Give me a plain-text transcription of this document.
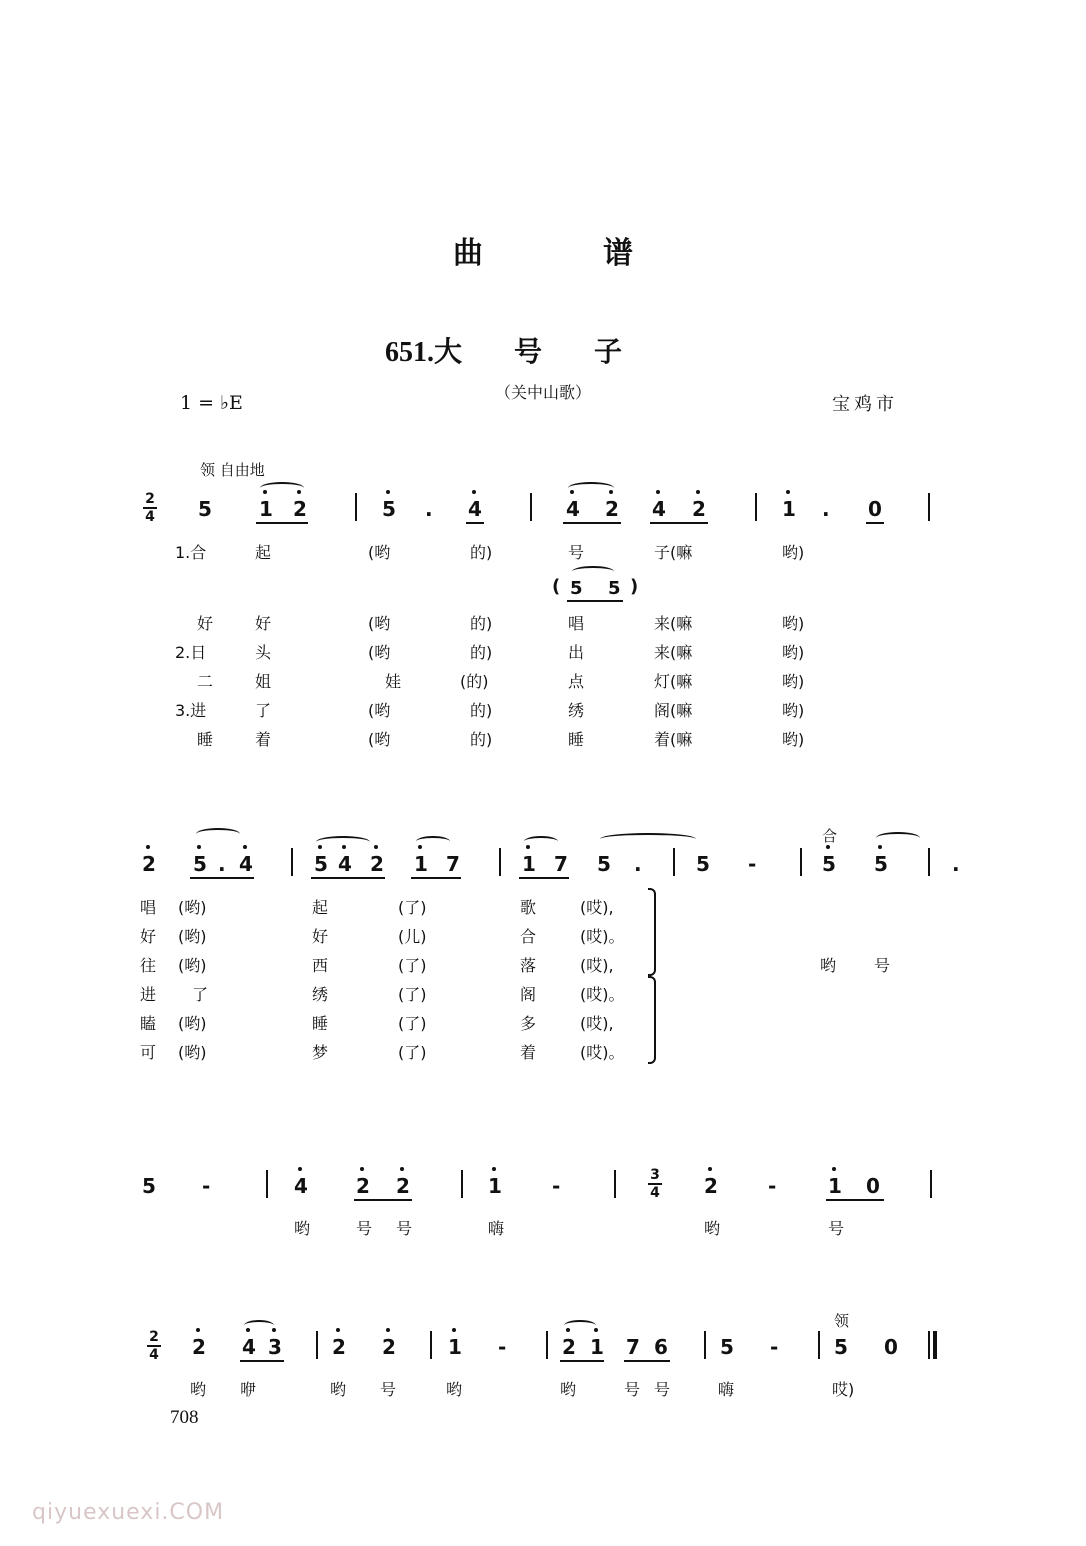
曲谱
651.大号子
（关中山歌）
1 = ♭E	宝鸡市
领 自由地
2
4 5 1 2	5 . 4	4 2 4 2	1 . 0
1.合	起	(哟	的)	号	子(嘛	哟)
( 5 5 )
好	好	(哟	的)	唱	来(嘛	哟)
2.日	头	(哟	的)	出	来(嘛	哟)
二	姐	娃	(的)	点	灯(嘛	哟)
3.进	了	(哟	的)	绣	阁(嘛	哟)
睡	着	(哟	的)	睡	着(嘛	哟)
合
2 5 . 4	5 4 2 1 7	1 7 5 .	5 -	5 5	.
唱 (哟)	起	(了)	歌	(哎),
好 (哟)	好	(儿)	合	(哎)。
往 (哟)	西	(了)	落	(哎),
进 了	绣	(了)	阁	(哎)。
瞌 (哟)	睡	(了)	多	(哎),
可 (哟)	梦	(了)	着	(哎)。
哟 号
5 -	4 2 2	1	-	3
4 2	-	1 0
哟	号 号	嗨	哟	号
领
2
4 2 4 3	2 2	1 -	2 1 7 6	5 -	5 0
哟 咿	哟 号	哟	哟	号 号	嗨	哎)
708
qiyuexuexi.COM
